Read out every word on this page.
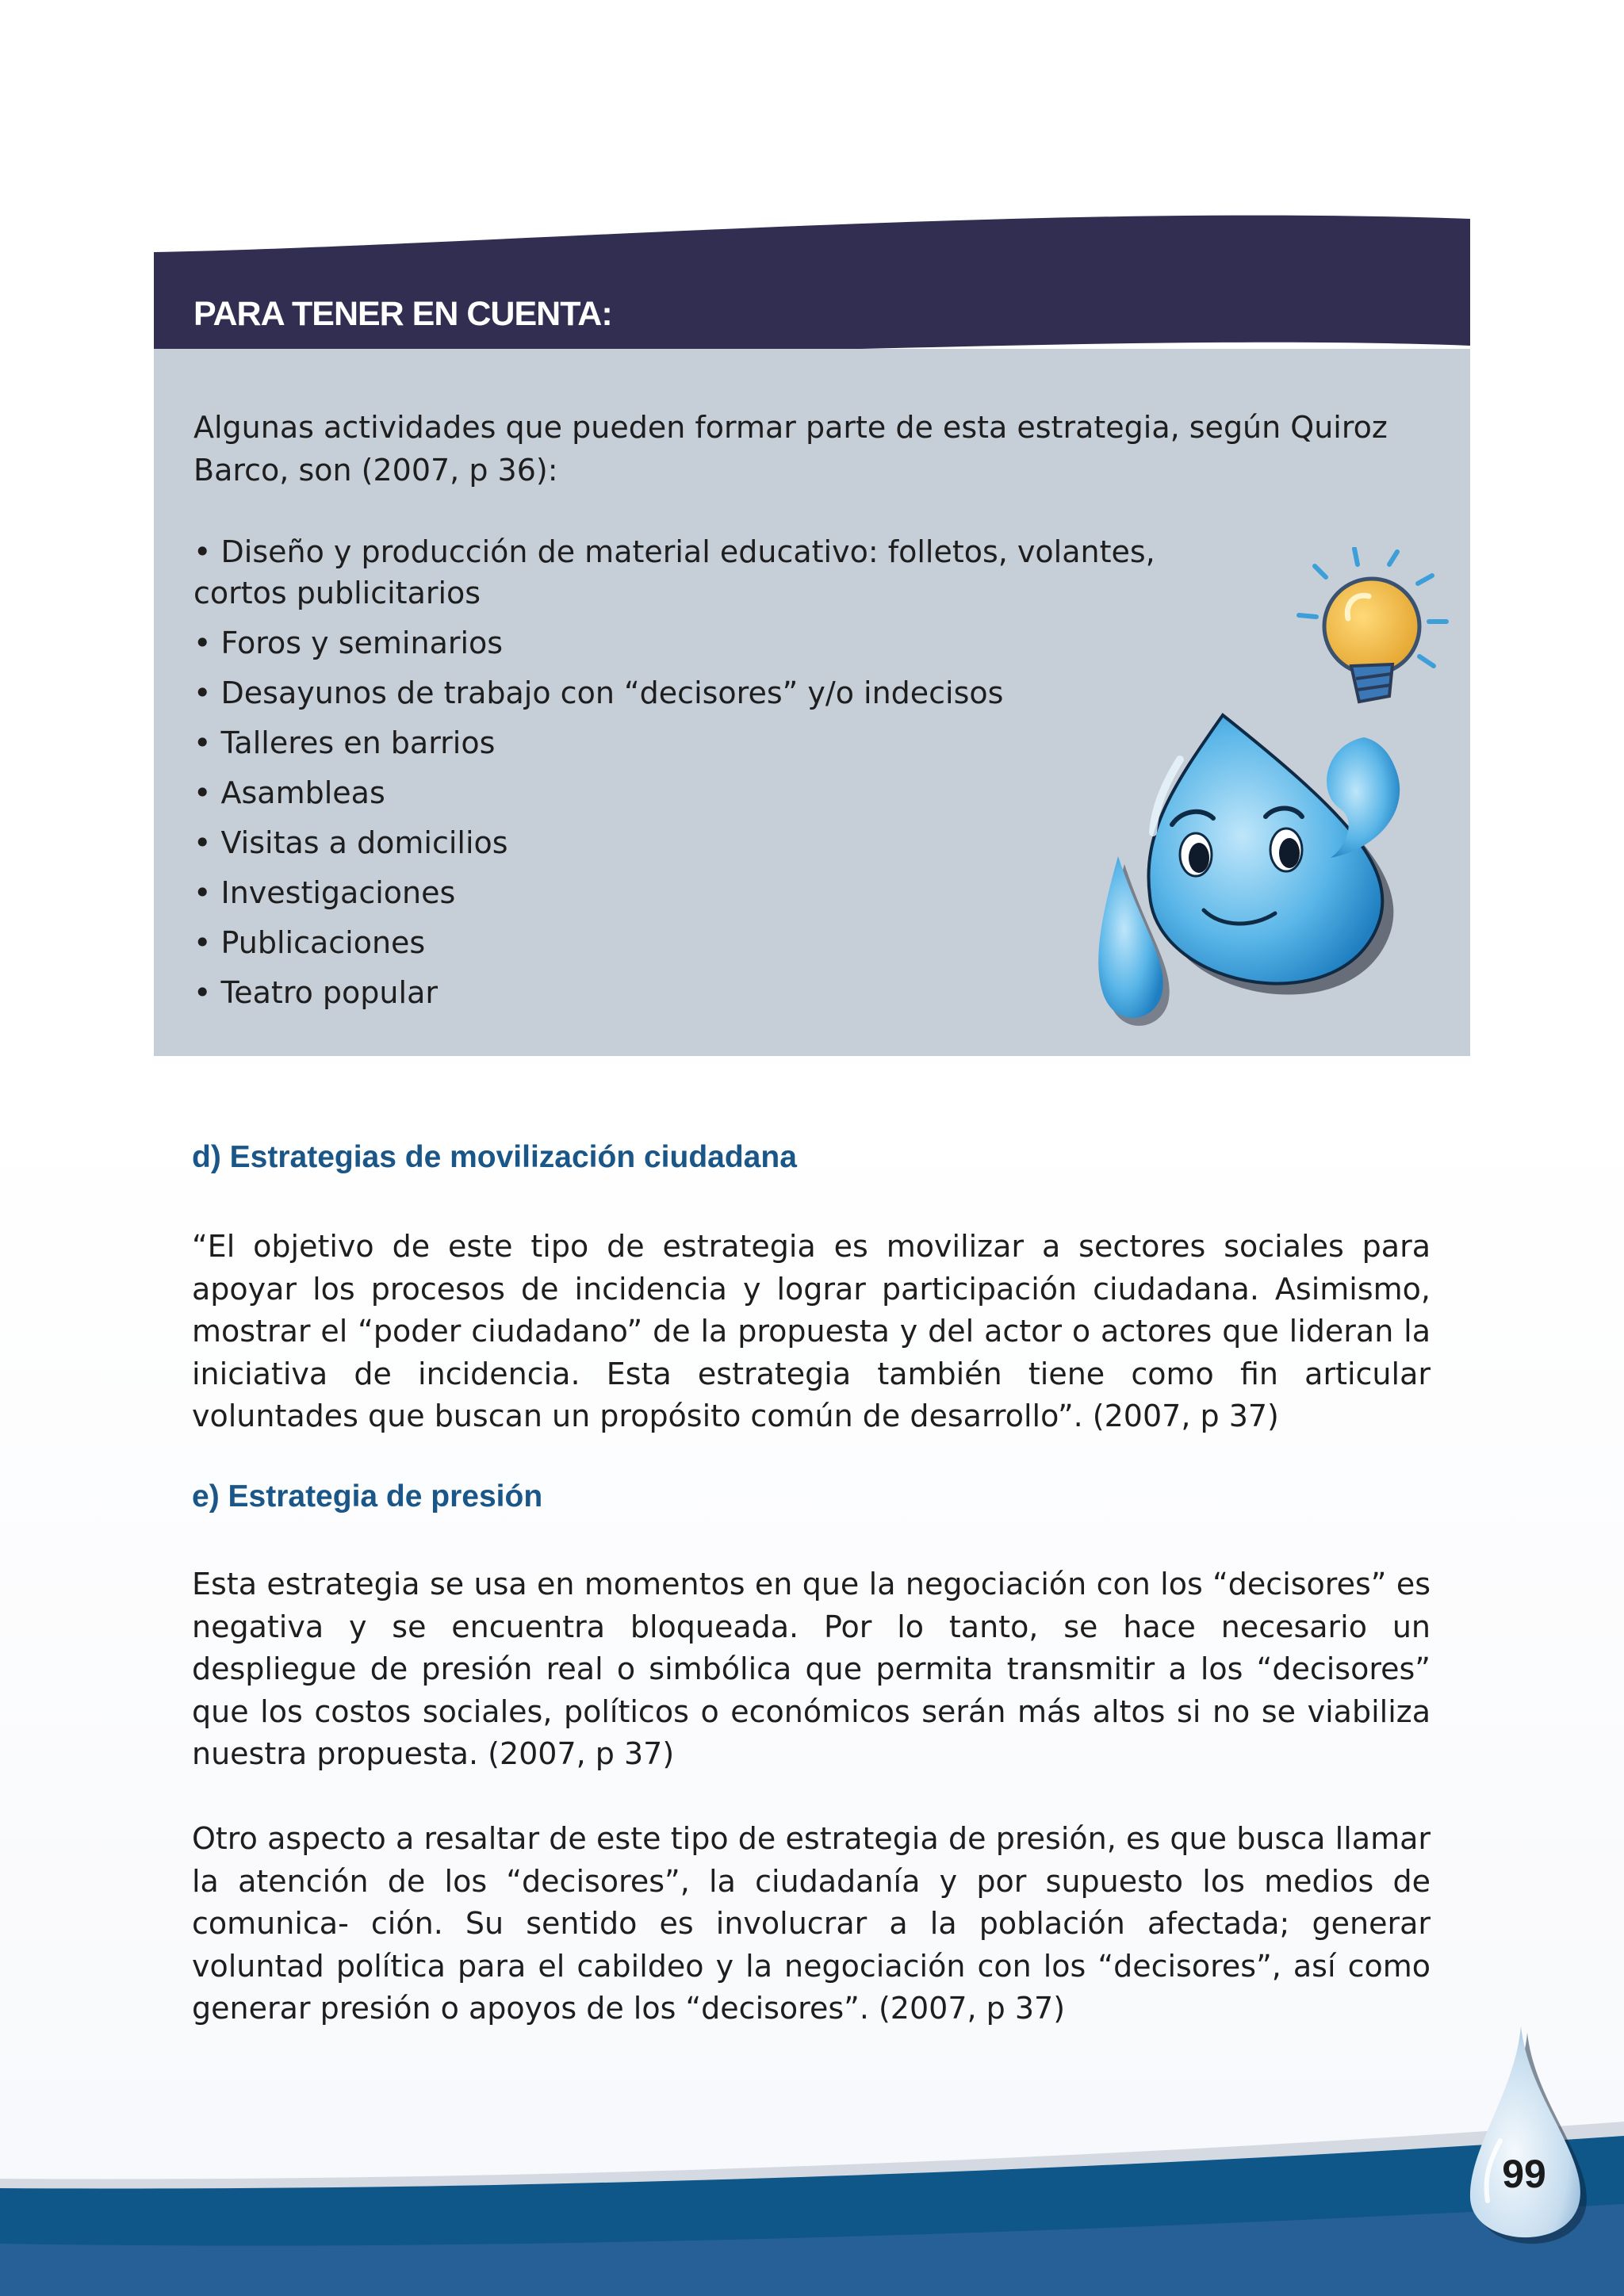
PARA TENER EN CUENTA:

Algunas actividades que pueden formar parte de esta estrategia, según Quiroz Barco, son (2007, p 36):

• Diseño y producción de material educativo: folletos, volantes, cortos publicitarios
• Foros y seminarios
• Desayunos de trabajo con “decisores” y/o indecisos
• Talleres en barrios
• Asambleas
• Visitas a domicilios
• Investigaciones
• Publicaciones
• Teatro popular
d) Estrategias de movilización ciudadana

“El objetivo de este tipo de estrategia es movilizar a sectores sociales para apoyar los procesos de incidencia y lograr participación ciudadana. Asimismo, mostrar el “poder ciudadano” de la propuesta y del actor o actores que lideran la iniciativa de incidencia. Esta estrategia también tiene como fin articular voluntades que buscan un propósito común de desarrollo”. (2007, p 37)

e) Estrategia de presión

Esta estrategia se usa en momentos en que la negociación con los “decisores” es negativa y se encuentra bloqueada. Por lo tanto, se hace necesario un despliegue de presión real o simbólica que permita transmitir a los “decisores” que los costos sociales, políticos o económicos serán más altos si no se viabiliza nuestra propuesta. (2007, p 37)

Otro aspecto a resaltar de este tipo de estrategia de presión, es que busca llamar la atención de los “decisores”, la ciudadanía y por supuesto los medios de comunica- ción. Su sentido es involucrar a la población afectada; generar voluntad política para el cabildeo y la negociación con los “decisores”, así como generar presión o apoyos de los “decisores”. (2007, p 37)

99
